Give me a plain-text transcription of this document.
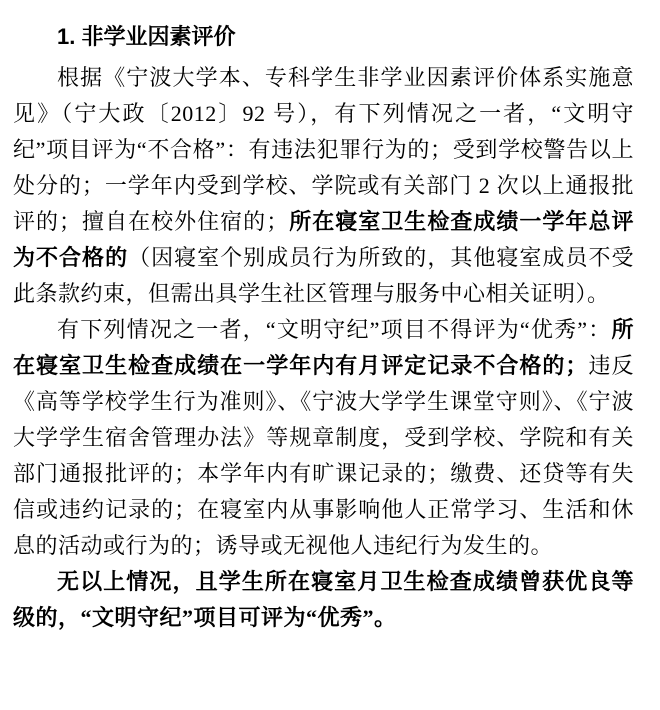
1. 非学业因素评价

根据《宁波大学本、专科学生非学业因素评价体系实施意见》（宁大政〔2012〕92 号），有下列情况之一者，“文明守纪”项目评为“不合格”：有违法犯罪行为的；受到学校警告以上处分的；一学年内受到学校、学院或有关部门 2 次以上通报批评的；擅自在校外住宿的；所在寝室卫生检查成绩一学年总评为不合格的（因寝室个别成员行为所致的，其他寝室成员不受此条款约束，但需出具学生社区管理与服务中心相关证明）。

有下列情况之一者，“文明守纪”项目不得评为“优秀”：所在寝室卫生检查成绩在一学年内有月评定记录不合格的；违反《高等学校学生行为准则》、《宁波大学学生课堂守则》、《宁波大学学生宿舍管理办法》等规章制度，受到学校、学院和有关部门通报批评的；本学年内有旷课记录的；缴费、还贷等有失信或违约记录的；在寝室内从事影响他人正常学习、生活和休息的活动或行为的；诱导或无视他人违纪行为发生的。

无以上情况，且学生所在寝室月卫生检查成绩曾获优良等级的，“文明守纪”项目可评为“优秀”。
